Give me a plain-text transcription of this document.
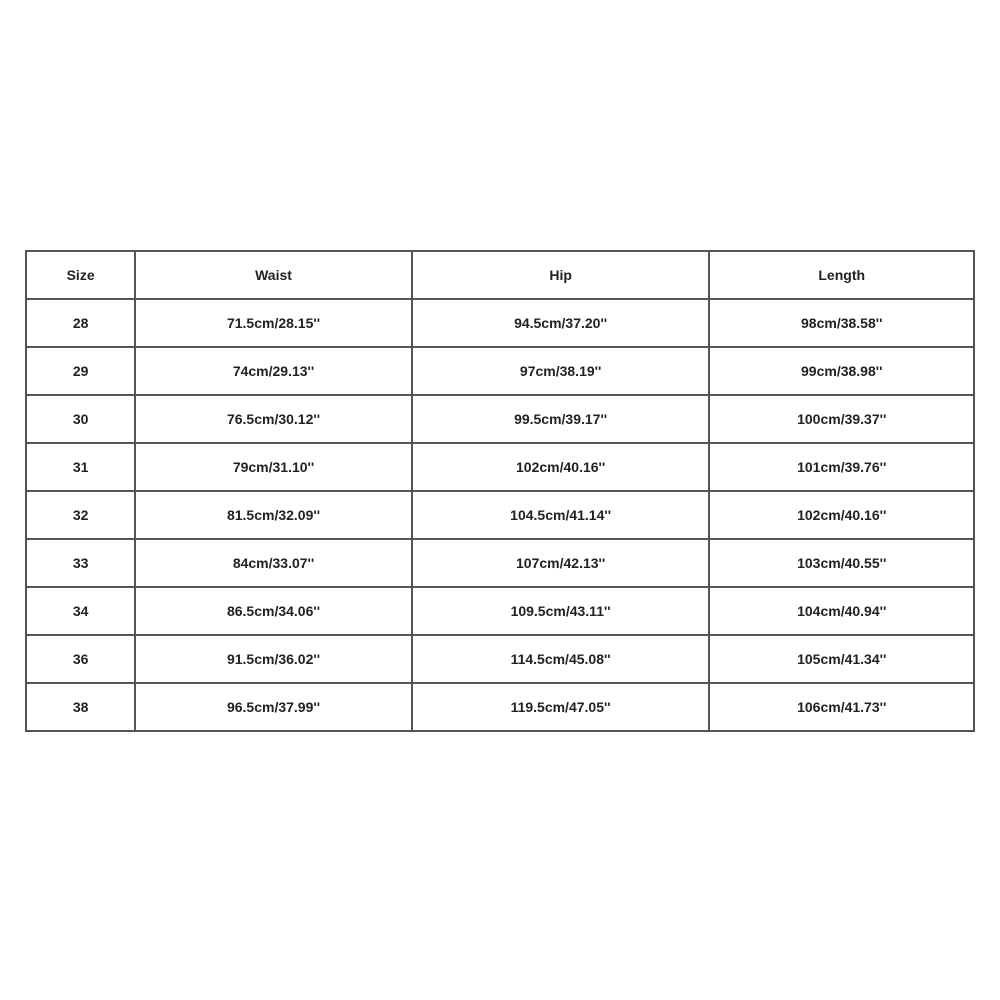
Size	Waist	Hip	Length
28	71.5cm/28.15''	94.5cm/37.20''	98cm/38.58''
29	74cm/29.13''	97cm/38.19''	99cm/38.98''
30	76.5cm/30.12''	99.5cm/39.17''	100cm/39.37''
31	79cm/31.10''	102cm/40.16''	101cm/39.76''
32	81.5cm/32.09''	104.5cm/41.14''	102cm/40.16''
33	84cm/33.07''	107cm/42.13''	103cm/40.55''
34	86.5cm/34.06''	109.5cm/43.11''	104cm/40.94''
36	91.5cm/36.02''	114.5cm/45.08''	105cm/41.34''
38	96.5cm/37.99''	119.5cm/47.05''	106cm/41.73''
